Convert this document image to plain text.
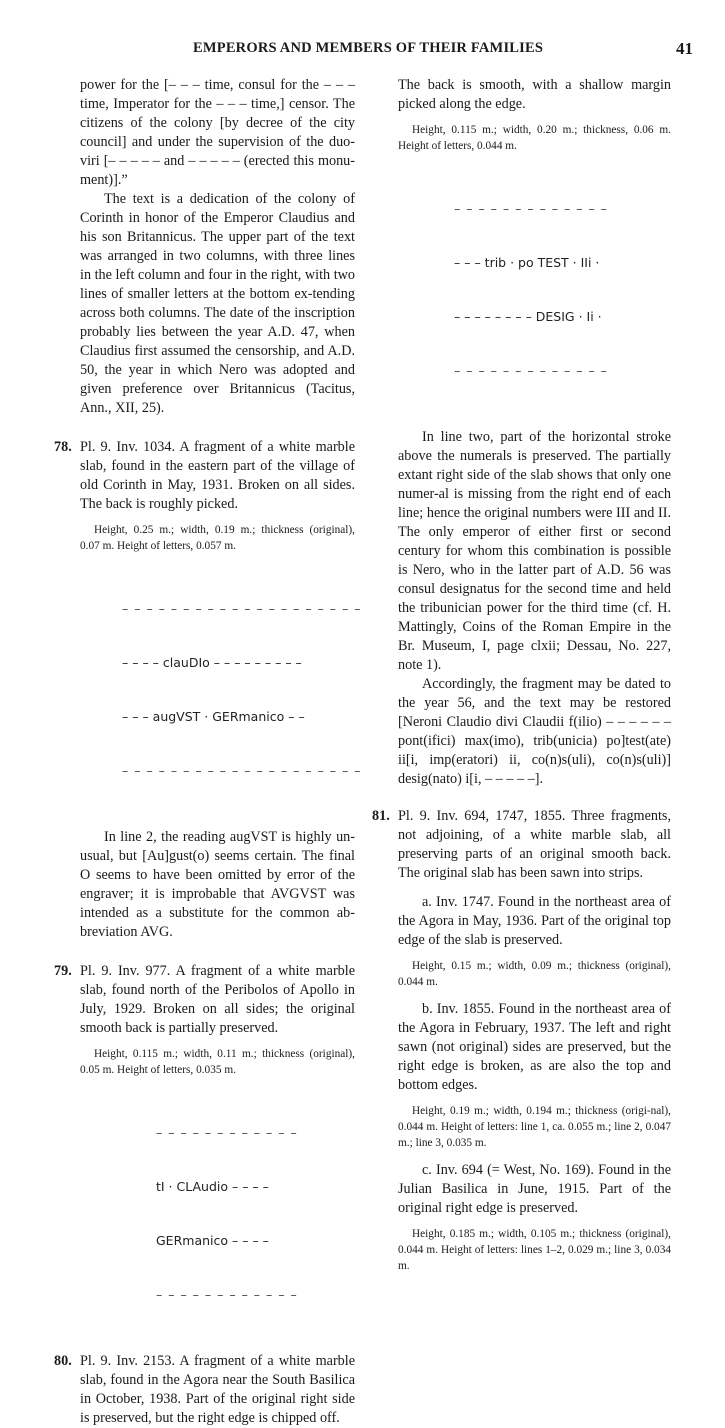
EMPERORS AND MEMBERS OF THEIR FAMILIES	41

power for the [– – – time, consul for the – – – time, Imperator for the – – – time,] censor. The citizens of the colony [by decree of the city council] and under the supervision of the duo-viri [– – – – – and – – – – – (erected this monu-ment)].”

The text is a dedication of the colony of Corinth in honor of the Emperor Claudius and his son Britannicus. The upper part of the text was arranged in two columns, with three lines in the left column and four in the right, with two lines of smaller letters at the bottom ex-tending across both columns. The date of the inscription probably lies between the year A.D. 47, when Claudius first assumed the censorship, and A.D. 50, the year in which Nero was adopted and given preference over Britannicus (Tacitus, Ann., XII, 25).

78. Pl. 9. Inv. 1034. A fragment of a white marble slab, found in the eastern part of the village of old Corinth in May, 1931. Broken on all sides. The back is roughly picked.

Height, 0.25 m.; width, 0.19 m.; thickness (original), 0.07 m. Height of letters, 0.057 m.

– – – – – – – – – – – – – – – – – – – –

– – – – clauDIo – – – – – – – – –

– – – augVST · GERmanico – –

– – – – – – – – – – – – – – – – – – – –

In line 2, the reading augVST is highly un-usual, but [Au]gust(o) seems certain. The final O seems to have been omitted by error of the engraver; it is improbable that AVGVST was intended as a substitute for the common ab-breviation AVG.

79. Pl. 9. Inv. 977. A fragment of a white marble slab, found north of the Peribolos of Apollo in July, 1929. Broken on all sides; the original smooth back is partially preserved.

Height, 0.115 m.; width, 0.11 m.; thickness (original), 0.05 m. Height of letters, 0.035 m.

– – – – – – – – – – – –

tI · CLAudio – – – –

GERmanico – – – –

– – – – – – – – – – – –

80. Pl. 9. Inv. 2153. A fragment of a white marble slab, found in the Agora near the South Basilica in October, 1938. Part of the original right side is preserved, but the right edge is chipped off.

The back is smooth, with a shallow margin picked along the edge.

Height, 0.115 m.; width, 0.20 m.; thickness, 0.06 m. Height of letters, 0.044 m.

– – – – – – – – – – – – –

– – – trib · po TEST · IIi ·

– – – – – – – – DESIG · Ii ·

– – – – – – – – – – – – –

In line two, part of the horizontal stroke above the numerals is preserved. The partially extant right side of the slab shows that only one numer-al is missing from the right end of each line; hence the original numbers were III and II. The only emperor of either first or second century for whom this combination is possible is Nero, who in the latter part of A.D. 56 was consul designatus for the second time and held the tribunician power for the third time (cf. H. Mattingly, Coins of the Roman Empire in the Br. Museum, I, page clxii; Dessau, No. 227, note 1).

Accordingly, the fragment may be dated to the year 56, and the text may be restored [Neroni Claudio divi Claudii f(ilio) – – – – – – pont(ifici) max(imo), trib(unicia) po]test(ate) ii[i, imp(eratori) ii, co(n)s(uli), co(n)s(uli)] desig(nato) i[i, – – – – –].

81. Pl. 9. Inv. 694, 1747, 1855. Three fragments, not adjoining, of a white marble slab, all preserving parts of an original smooth back. The original slab has been sawn into strips.

a. Inv. 1747. Found in the northeast area of the Agora in May, 1936. Part of the original top edge of the slab is preserved.

Height, 0.15 m.; width, 0.09 m.; thickness (original), 0.044 m.

b. Inv. 1855. Found in the northeast area of the Agora in February, 1937. The left and right sawn (not original) sides are preserved, but the right edge is broken, as are also the top and bottom edges.

Height, 0.19 m.; width, 0.194 m.; thickness (origi-nal), 0.044 m. Height of letters: line 1, ca. 0.055 m.; line 2, 0.047 m.; line 3, 0.035 m.

c. Inv. 694 (= West, No. 169). Found in the Julian Basilica in June, 1915. Part of the original right edge is preserved.

Height, 0.185 m.; width, 0.105 m.; thickness (original), 0.044 m. Height of letters: lines 1–2, 0.029 m.; line 3, 0.034 m.
